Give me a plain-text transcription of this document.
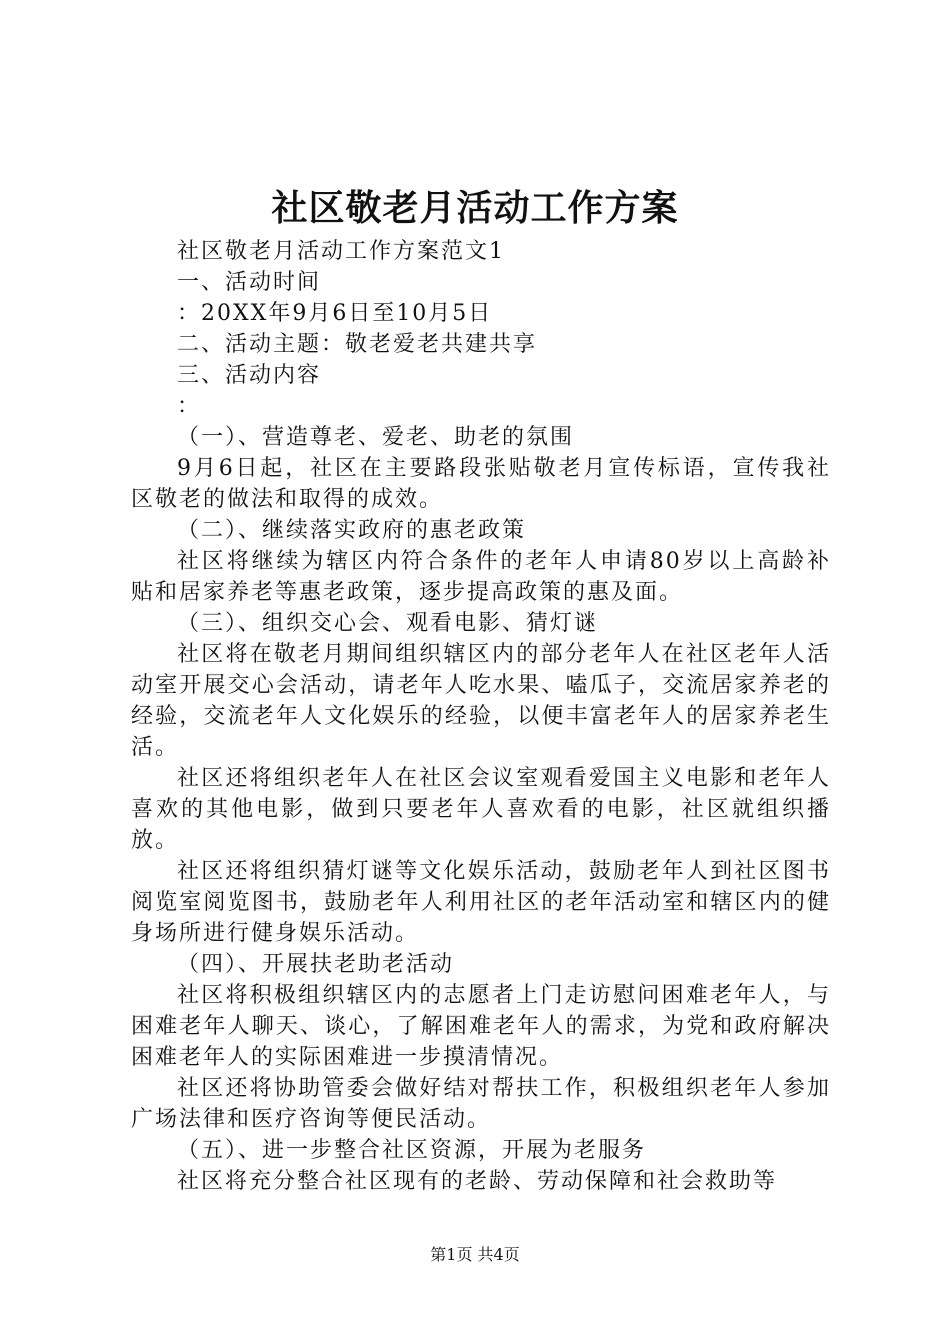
社区敬老月活动工作方案

社区敬老月活动工作方案范文1

一、活动时间

：20XX年9月6日至10月5日

二、活动主题：敬老爱老共建共享

三、活动内容

：

（一）、营造尊老、爱老、助老的氛围

9月6日起，社区在主要路段张贴敬老月宣传标语，宣传我社区敬老的做法和取得的成效。

（二）、继续落实政府的惠老政策

社区将继续为辖区内符合条件的老年人申请80岁以上高龄补贴和居家养老等惠老政策，逐步提高政策的惠及面。

（三）、组织交心会、观看电影、猜灯谜

社区将在敬老月期间组织辖区内的部分老年人在社区老年人活动室开展交心会活动，请老年人吃水果、嗑瓜子，交流居家养老的经验，交流老年人文化娱乐的经验，以便丰富老年人的居家养老生活。

社区还将组织老年人在社区会议室观看爱国主义电影和老年人喜欢的其他电影，做到只要老年人喜欢看的电影，社区就组织播放。

社区还将组织猜灯谜等文化娱乐活动，鼓励老年人到社区图书阅览室阅览图书，鼓励老年人利用社区的老年活动室和辖区内的健身场所进行健身娱乐活动。

（四）、开展扶老助老活动

社区将积极组织辖区内的志愿者上门走访慰问困难老年人，与困难老年人聊天、谈心，了解困难老年人的需求，为党和政府解决困难老年人的实际困难进一步摸清情况。

社区还将协助管委会做好结对帮扶工作，积极组织老年人参加广场法律和医疗咨询等便民活动。

（五）、进一步整合社区资源，开展为老服务

社区将充分整合社区现有的老龄、劳动保障和社会救助等

第1页 共4页
